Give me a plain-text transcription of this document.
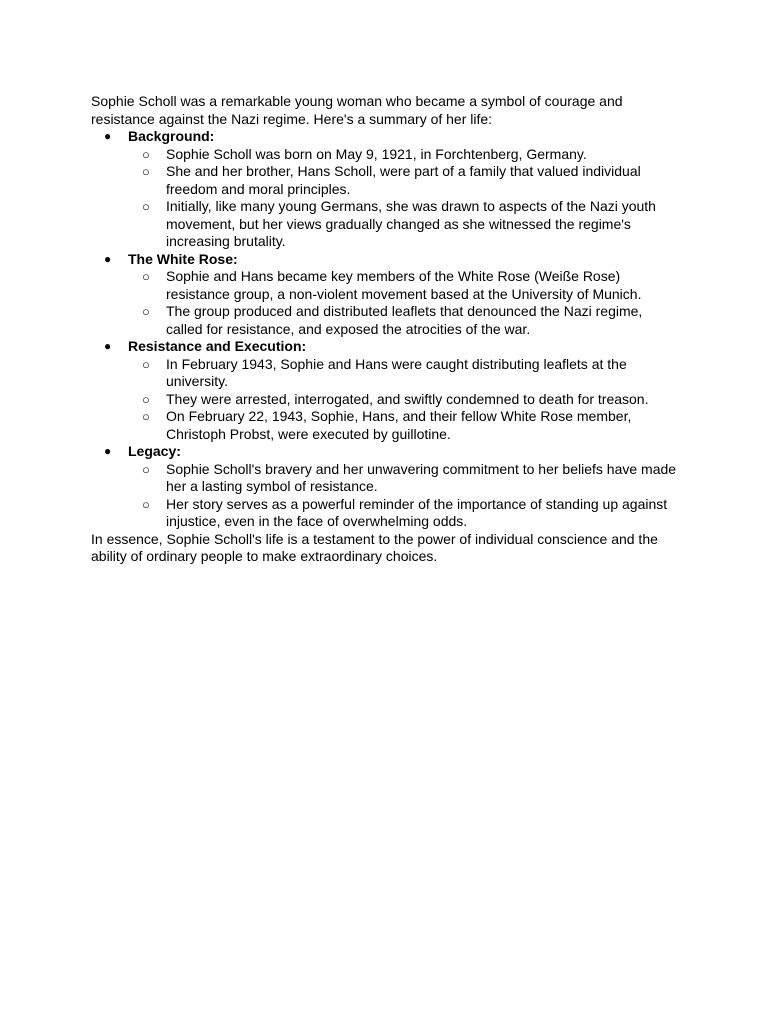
Sophie Scholl was a remarkable young woman who became a symbol of courage and resistance against the Nazi regime. Here's a summary of her life:

● Background:
○ Sophie Scholl was born on May 9, 1921, in Forchtenberg, Germany.
○ She and her brother, Hans Scholl, were part of a family that valued individual freedom and moral principles.
○ Initially, like many young Germans, she was drawn to aspects of the Nazi youth movement, but her views gradually changed as she witnessed the regime's increasing brutality.
● The White Rose:
○ Sophie and Hans became key members of the White Rose (Weiße Rose) resistance group, a non-violent movement based at the University of Munich.
○ The group produced and distributed leaflets that denounced the Nazi regime, called for resistance, and exposed the atrocities of the war.
● Resistance and Execution:
○ In February 1943, Sophie and Hans were caught distributing leaflets at the university.
○ They were arrested, interrogated, and swiftly condemned to death for treason.
○ On February 22, 1943, Sophie, Hans, and their fellow White Rose member, Christoph Probst, were executed by guillotine.
● Legacy:
○ Sophie Scholl's bravery and her unwavering commitment to her beliefs have made her a lasting symbol of resistance.
○ Her story serves as a powerful reminder of the importance of standing up against injustice, even in the face of overwhelming odds.

In essence, Sophie Scholl's life is a testament to the power of individual conscience and the ability of ordinary people to make extraordinary choices.
